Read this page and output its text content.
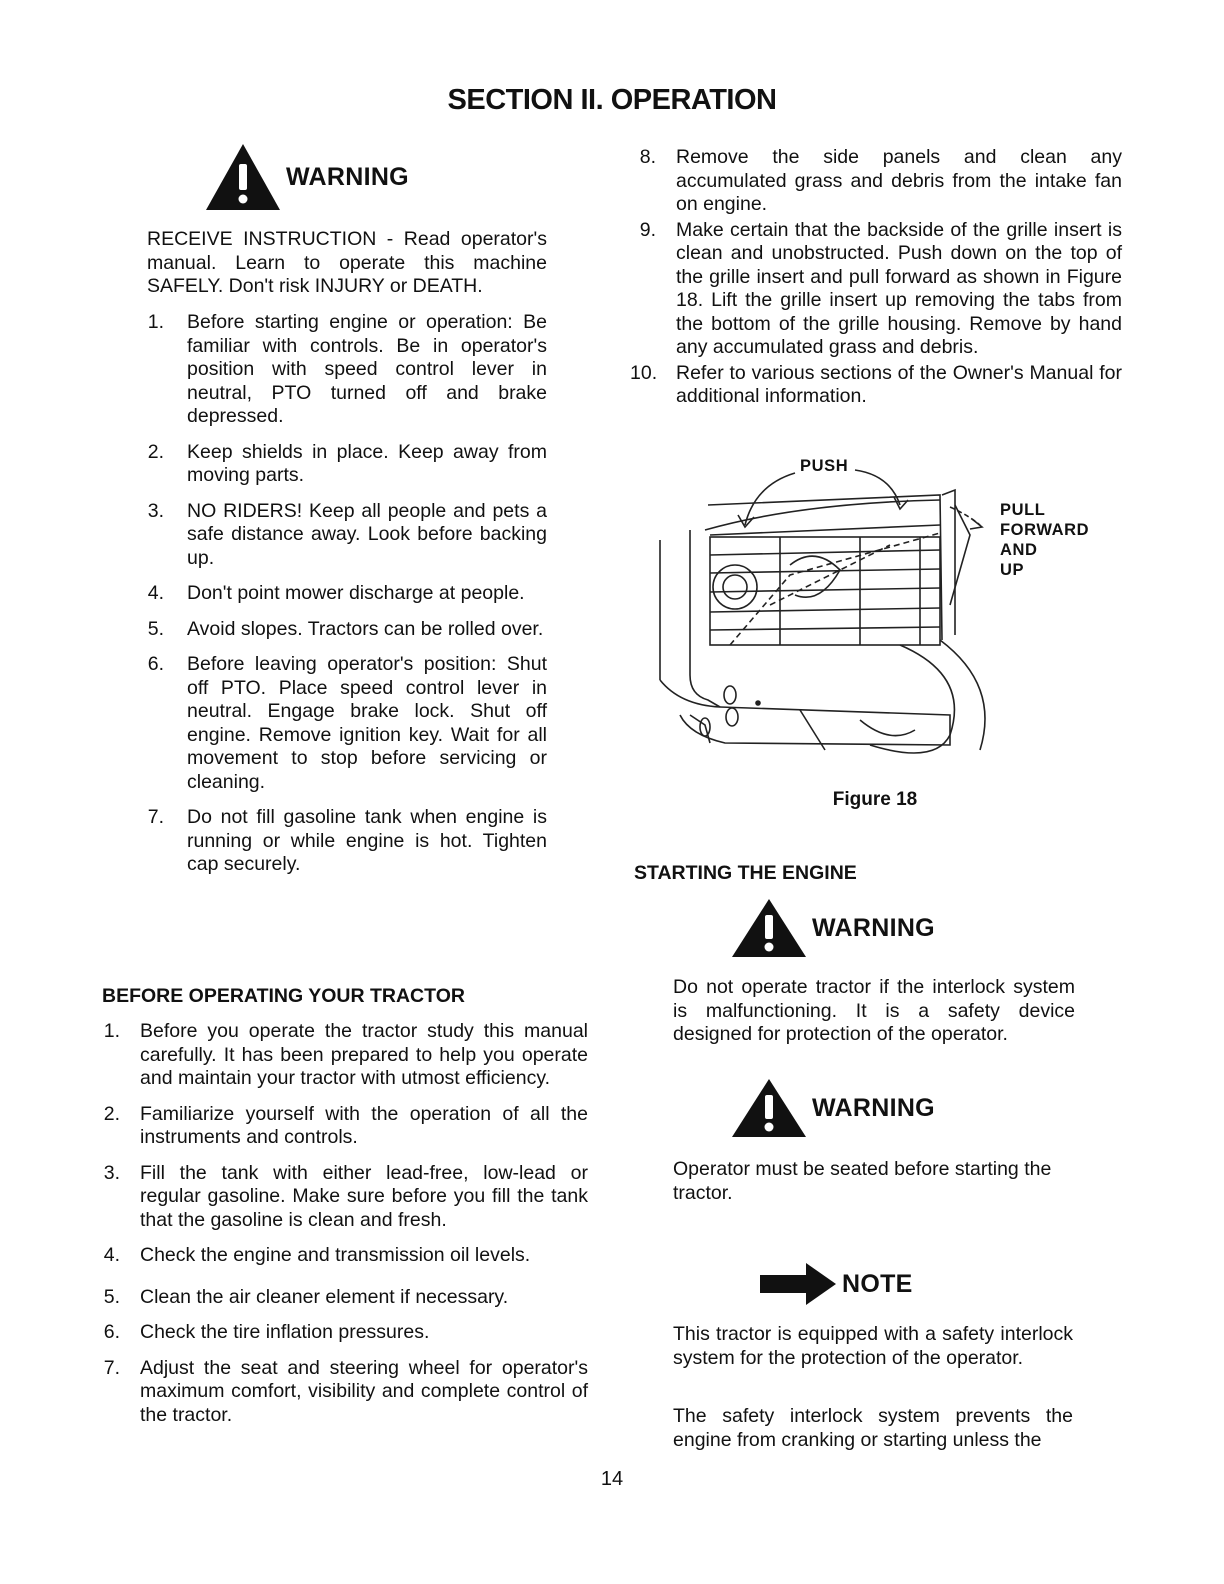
SECTION II. OPERATION
WARNING

RECEIVE INSTRUCTION - Read operator's manual. Learn to operate this machine SAFELY. Don't risk INJURY or DEATH.

1. Before starting engine or operation: Be familiar with controls. Be in operator's position with speed control lever in neutral, PTO turned off and brake depressed.
2. Keep shields in place. Keep away from moving parts.
3. NO RIDERS! Keep all people and pets a safe distance away. Look before backing up.
4. Don't point mower discharge at people.
5. Avoid slopes. Tractors can be rolled over.
6. Before leaving operator's position: Shut off PTO. Place speed control lever in neutral. Engage brake lock. Shut off engine. Remove ignition key. Wait for all movement to stop before servicing or cleaning.
7. Do not fill gasoline tank when engine is running or while engine is hot. Tighten cap securely.
BEFORE OPERATING YOUR TRACTOR
1. Before you operate the tractor study this manual carefully. It has been prepared to help you operate and maintain your tractor with utmost efficiency.
2. Familiarize yourself with the operation of all the instruments and controls.
3. Fill the tank with either lead-free, low-lead or regular gasoline. Make sure before you fill the tank that the gasoline is clean and fresh.
4. Check the engine and transmission oil levels.
5. Clean the air cleaner element if necessary.
6. Check the tire inflation pressures.
7. Adjust the seat and steering wheel for operator's maximum comfort, visibility and complete control of the tractor.
8. Remove the side panels and clean any accumulated grass and debris from the intake fan on engine.
9. Make certain that the backside of the grille insert is clean and unobstructed. Push down on the top of the grille insert and pull forward as shown in Figure 18. Lift the grille insert up removing the tabs from the bottom of the grille housing. Remove by hand any accumulated grass and debris.
10. Refer to various sections of the Owner's Manual for additional information.
PUSH
PULL
FORWARD
AND
UP
Figure 18
STARTING THE ENGINE
WARNING
Do not operate tractor if the interlock system is malfunctioning. It is a safety device designed for protection of the operator.
WARNING
Operator must be seated before starting the tractor.
NOTE
This tractor is equipped with a safety interlock system for the protection of the operator.
The safety interlock system prevents the engine from cranking or starting unless the
14
